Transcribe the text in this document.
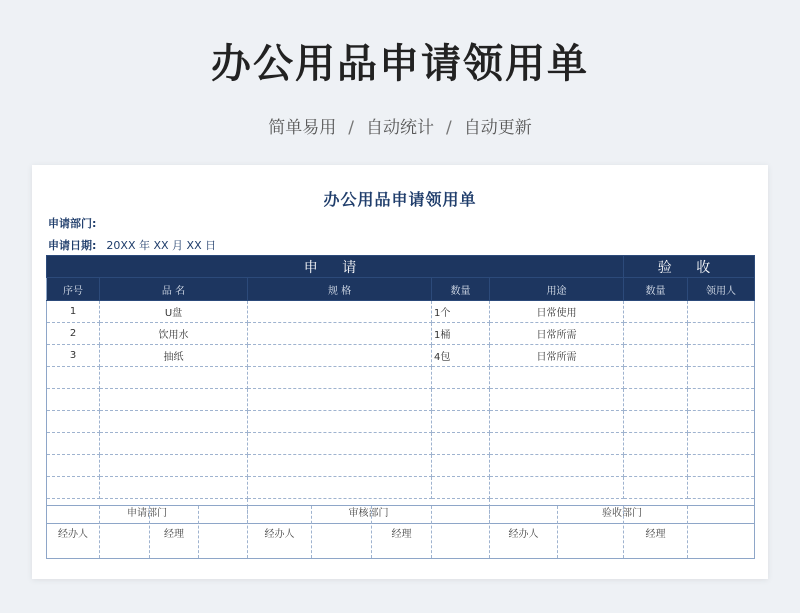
办公用品申请领用单
简单易用 / 自动统计 / 自动更新
办公用品申请领用单
申请部门:
申请日期: 20XX 年 XX 月 XX 日
申 请					验 收	
序号	品 名	规 格	数量	用途	数量	领用人
1	U盘		1个	日常使用		
2	饮用水		1桶	日常所需		
3	抽纸		4包	日常所需		

申请部门		审核部门		验收部门		
经办人		经理		经办人		经理		经办人		经理	
